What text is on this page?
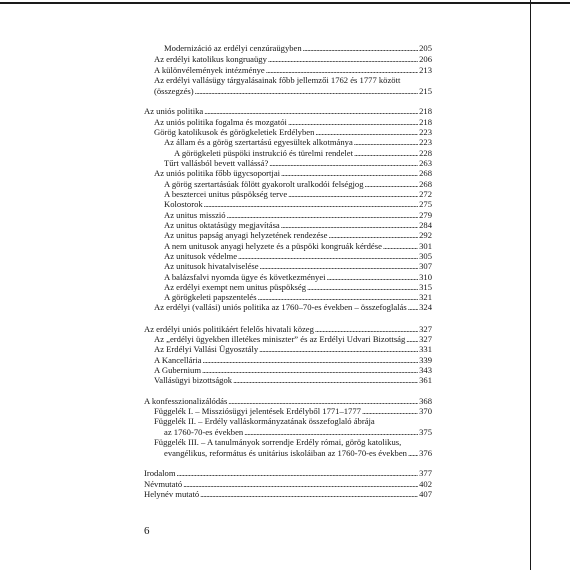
Modernizáció az erdélyi cenzúraügyben . . .	205
Az erdélyi katolikus kongruaügy . . .	206
A különvélemények intézménye . . .	213
Az erdélyi vallásügy tárgyalásainak főbb jellemzői 1762 és 1777 között
(összegzés) . . .	215
Az uniós politika . . .	218
Az uniós politika fogalma és mozgatói . . .	218
Görög katolikusok és görögkeletiek Erdélyben . . .	223
Az állam és a görög szertartású egyesültek alkotmánya . . .	223
A görögkeleti püspöki instrukció és türelmi rendelet . . .	228
Tűrt vallásból bevett vallássá? . . .	263
Az uniós politika főbb ügycsoportjai . . .	268
A görög szertartásúak fölött gyakorolt uralkodói felségjog . . .	268
A besztercei unitus püspökség terve . . .	272
Kolostorok . . .	275
Az unitus misszió . . .	279
Az unitus oktatásügy megjavítása . . .	284
Az unitus papság anyagi helyzetének rendezése . . .	292
A nem unitusok anyagi helyzete és a püspöki kongruák kérdése . . .	301
Az unitusok védelme . . .	305
Az unitusok hivatalviselése . . .	307
A balázsfalvi nyomda ügye és következményei . . .	310
Az erdélyi exempt nem unitus püspökség . . .	315
A görögkeleti papszentelés . . .	321
Az erdélyi (vallási) uniós politika az 1760–70-es években – összefoglalás . . . 324
Az erdélyi uniós politikáért felelős hivatali közeg . . .	327
Az „erdélyi ügyekben illetékes miniszter” és az Erdélyi Udvari Bizottság . . . 327
Az Erdélyi Vallási Ügyosztály . . .	331
A Kancellária . . .	339
A Gubernium . . .	343
Vallásügyi bizottságok . . .	361
A konfesszionalizálódás . . .	368
Függelék I. – Missziósügyi jelentések Erdélyből 1771–1777 . . .	370
Függelék II. – Erdély valláskormányzatának összefoglaló ábrája
az 1760-70-es években . . .	375
Függelék III. – A tanulmányok sorrendje Erdély római, görög katolikus,
evangélikus, református és unitárius iskoláiban az 1760-70-es években . . . 376
Irodalom . . .	377
Névmutató . . .	402
Helynév mutató . . .	407
6
